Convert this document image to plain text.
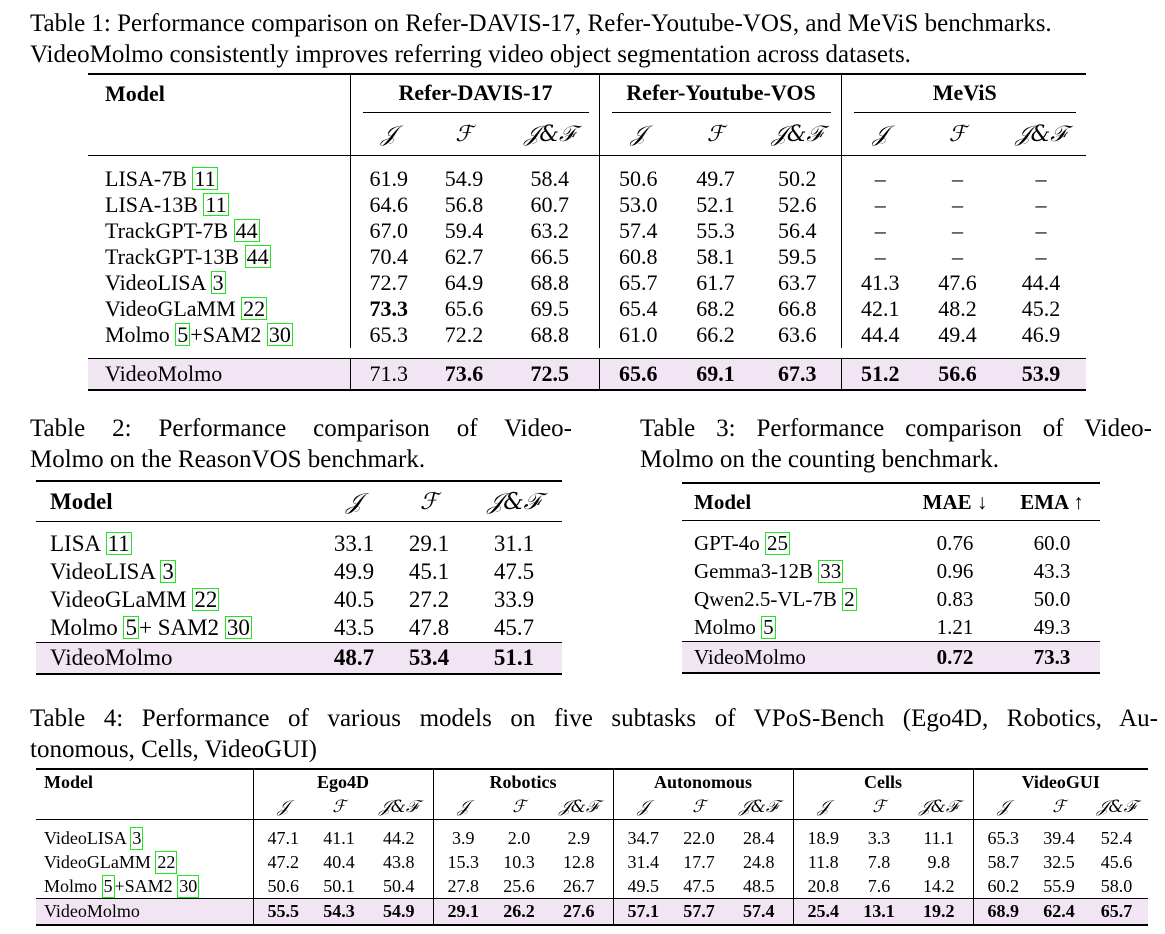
Table 1: Performance comparison on Refer-DAVIS-17, Refer-Youtube-VOS, and MeViS benchmarks.
VideoMolmo consistently improves referring video object segmentation across datasets.
Model	Refer-DAVIS-17			Refer-Youtube-VOS			MeViS		

	𝒥	ℱ	𝒥&ℱ	𝒥	ℱ	𝒥&ℱ	𝒥	ℱ	𝒥&ℱ
LISA-7B 11	61.9	54.9	58.4	50.6	49.7	50.2	–	–	–
LISA-13B 11	64.6	56.8	60.7	53.0	52.1	52.6	–	–	–
TrackGPT-7B 44	67.0	59.4	63.2	57.4	55.3	56.4	–	–	–
TrackGPT-13B 44	70.4	62.7	66.5	60.8	58.1	59.5	–	–	–
VideoLISA 3	72.7	64.9	68.8	65.7	61.7	63.7	41.3	47.6	44.4
VideoGLaMM 22	73.3	65.6	69.5	65.4	68.2	66.8	42.1	48.2	45.2
Molmo 5+SAM2 30	65.3	72.2	68.8	61.0	66.2	63.6	44.4	49.4	46.9

VideoMolmo	71.3	73.6	72.5	65.6	69.1	67.3	51.2	56.6	53.9
Table 2: Performance comparison of Video-
Molmo on the ReasonVOS benchmark.
Model	𝒥	ℱ	𝒥&ℱ
LISA 11	33.1	29.1	31.1
VideoLISA 3	49.9	45.1	47.5
VideoGLaMM 22	40.5	27.2	33.9
Molmo 5+ SAM2 30	43.5	47.8	45.7
VideoMolmo	48.7	53.4	51.1
Table 3: Performance comparison of Video-
Molmo on the counting benchmark.
Model	MAE ↓	EMA ↑
GPT-4o 25	0.76	60.0
Gemma3-12B 33	0.96	43.3
Qwen2.5-VL-7B 2	0.83	50.0
Molmo 5	1.21	49.3
VideoMolmo	0.72	73.3
Table 4: Performance of various models on five subtasks of VPoS-Bench (Ego4D, Robotics, Au-
tonomous, Cells, VideoGUI)
Model	Ego4D			Robotics			Autonomous			Cells			VideoGUI		
	𝒥	ℱ	𝒥&ℱ	𝒥	ℱ	𝒥&ℱ	𝒥	ℱ	𝒥&ℱ	𝒥	ℱ	𝒥&ℱ	𝒥	ℱ	𝒥&ℱ
VideoLISA 3	47.1	41.1	44.2	3.9	2.0	2.9	34.7	22.0	28.4	18.9	3.3	11.1	65.3	39.4	52.4
VideoGLaMM 22	47.2	40.4	43.8	15.3	10.3	12.8	31.4	17.7	24.8	11.8	7.8	9.8	58.7	32.5	45.6
Molmo 5 +SAM2 30	50.6	50.1	50.4	27.8	25.6	26.7	49.5	47.5	48.5	20.8	7.6	14.2	60.2	55.9	58.0
VideoMolmo	55.5	54.3	54.9	29.1	26.2	27.6	57.1	57.7	57.4	25.4	13.1	19.2	68.9	62.4	65.7
